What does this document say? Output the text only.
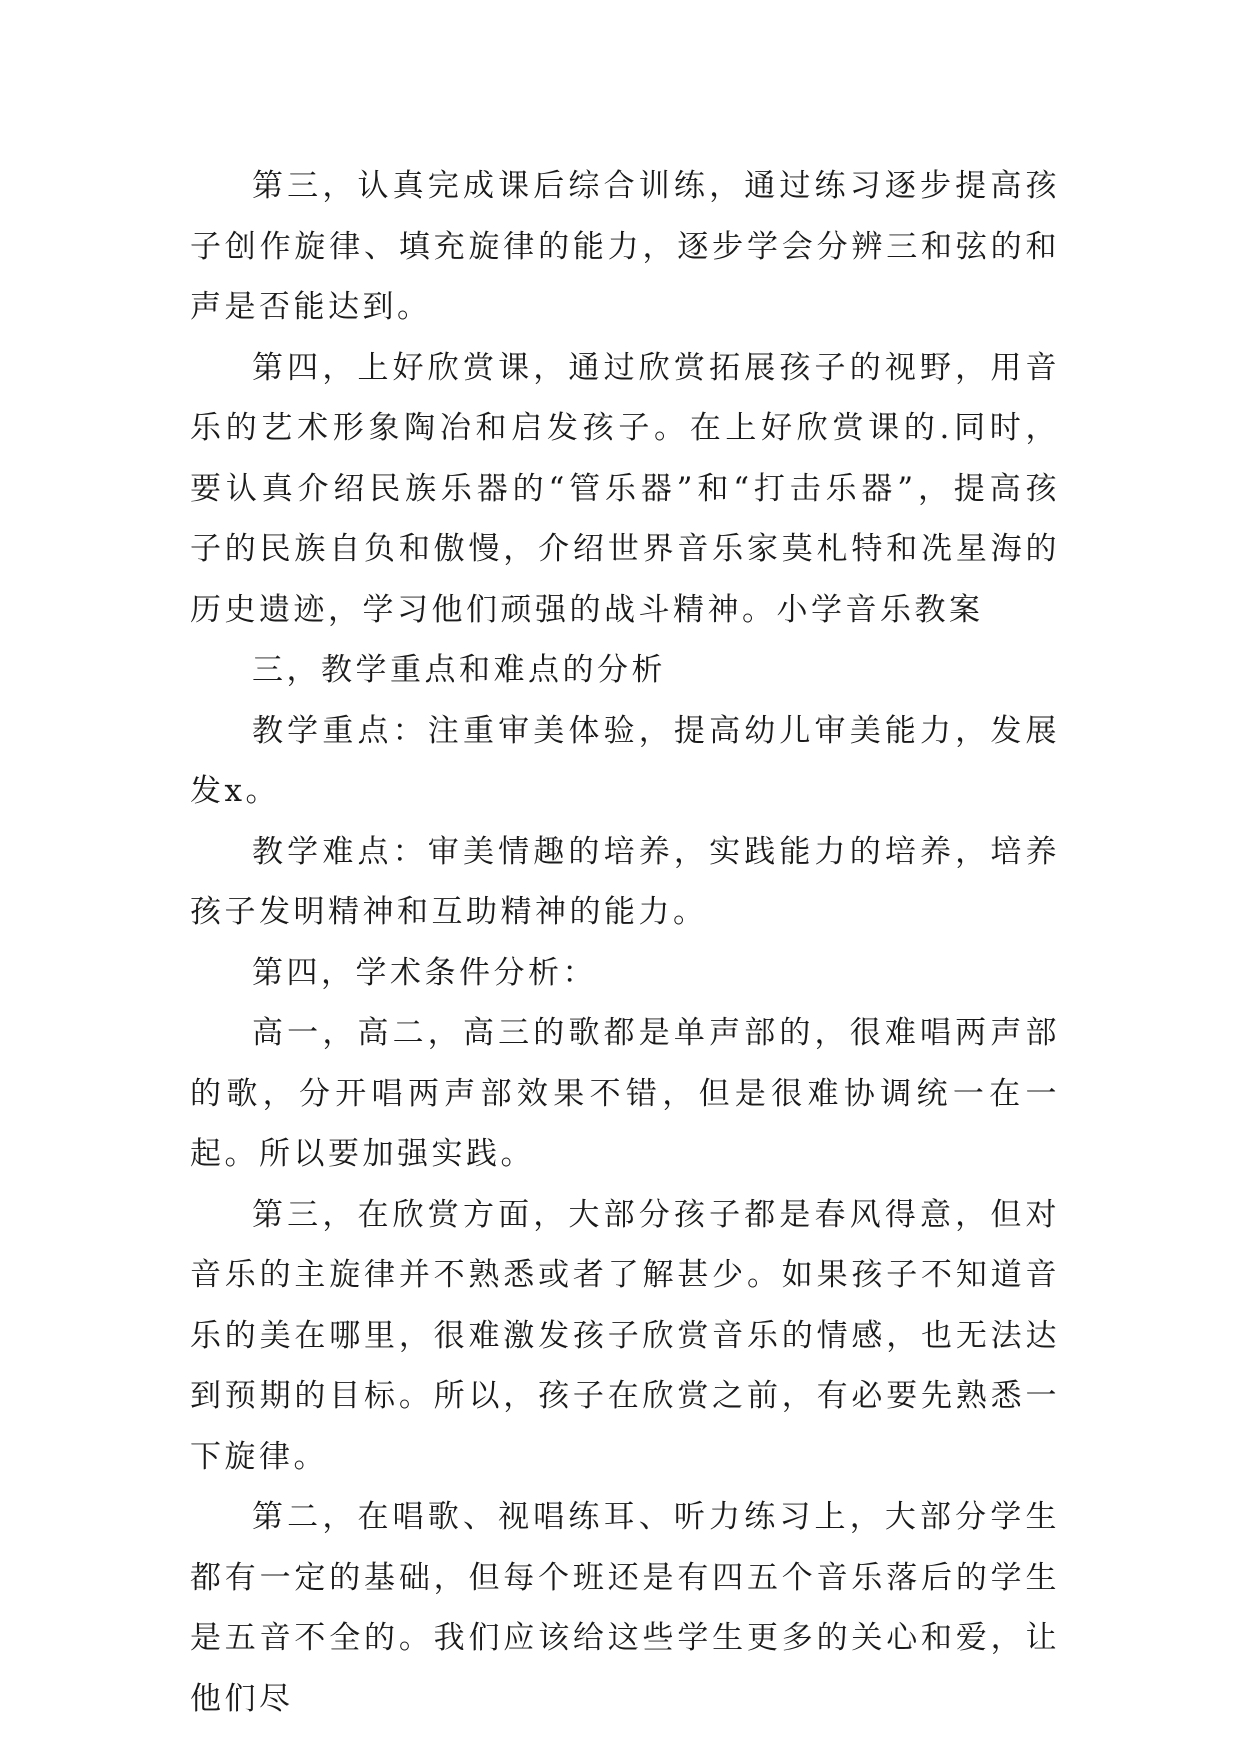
第三，认真完成课后综合训练，通过练习逐步提高孩子创作旋律、填充旋律的能力，逐步学会分辨三和弦的和声是否能达到。

第四，上好欣赏课，通过欣赏拓展孩子的视野，用音乐的艺术形象陶冶和启发孩子。在上好欣赏课的.同时，要认真介绍民族乐器的“管乐器”和“打击乐器”，提高孩子的民族自负和傲慢，介绍世界音乐家莫札特和冼星海的历史遗迹，学习他们顽强的战斗精神。小学音乐教案

三，教学重点和难点的分析

教学重点：注重审美体验，提高幼儿审美能力，发展发x。

教学难点：审美情趣的培养，实践能力的培养，培养孩子发明精神和互助精神的能力。

第四，学术条件分析：

高一，高二，高三的歌都是单声部的，很难唱两声部的歌，分开唱两声部效果不错，但是很难协调统一在一起。所以要加强实践。

第三，在欣赏方面，大部分孩子都是春风得意，但对音乐的主旋律并不熟悉或者了解甚少。如果孩子不知道音乐的美在哪里，很难激发孩子欣赏音乐的情感，也无法达到预期的目标。所以，孩子在欣赏之前，有必要先熟悉一下旋律。

第二，在唱歌、视唱练耳、听力练习上，大部分学生都有一定的基础，但每个班还是有四五个音乐落后的学生是五音不全的。我们应该给这些学生更多的关心和爱，让他们尽
